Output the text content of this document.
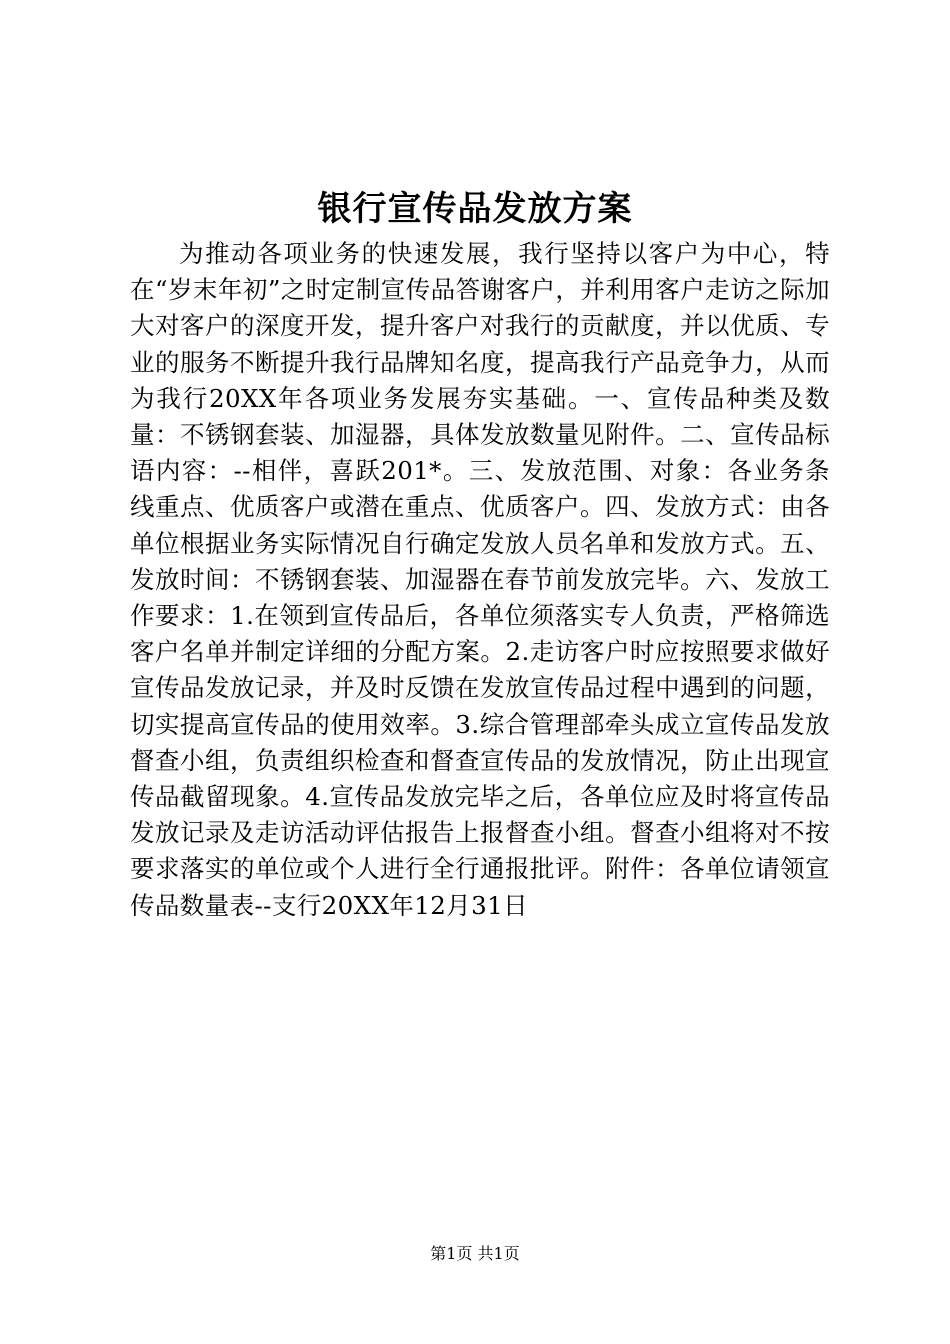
银行宣传品发放方案

为推动各项业务的快速发展，我行坚持以客户为中心，特在“岁末年初”之时定制宣传品答谢客户，并利用客户走访之际加大对客户的深度开发，提升客户对我行的贡献度，并以优质、专业的服务不断提升我行品牌知名度，提高我行产品竞争力，从而为我行20XX年各项业务发展夯实基础。一、宣传品种类及数量：不锈钢套装、加湿器，具体发放数量见附件。二、宣传品标语内容：--相伴，喜跃201*。三、发放范围、对象：各业务条线重点、优质客户或潜在重点、优质客户。四、发放方式：由各单位根据业务实际情况自行确定发放人员名单和发放方式。五、发放时间：不锈钢套装、加湿器在春节前发放完毕。六、发放工作要求：1.在领到宣传品后，各单位须落实专人负责，严格筛选客户名单并制定详细的分配方案。2.走访客户时应按照要求做好宣传品发放记录，并及时反馈在发放宣传品过程中遇到的问题，切实提高宣传品的使用效率。3.综合管理部牵头成立宣传品发放督查小组，负责组织检查和督查宣传品的发放情况，防止出现宣传品截留现象。4.宣传品发放完毕之后，各单位应及时将宣传品发放记录及走访活动评估报告上报督查小组。督查小组将对不按要求落实的单位或个人进行全行通报批评。附件：各单位请领宣传品数量表--支行20XX年12月31日

第1页 共1页
